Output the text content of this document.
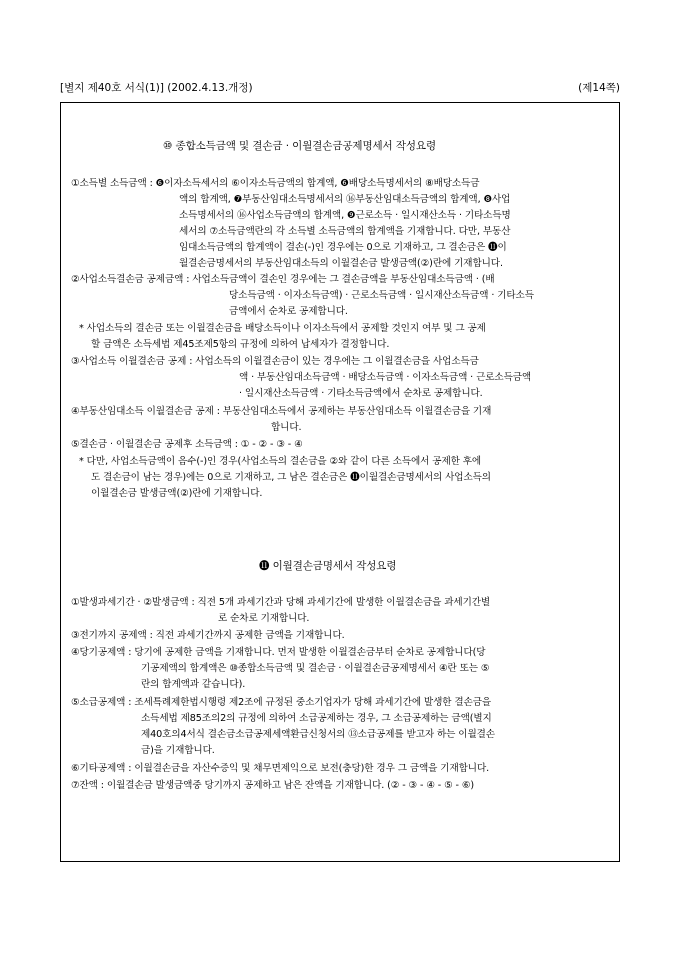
[별지 제40호 서식(1)] (2002.4.13.개정)	(제14쪽)
⑩ 종합소득금액 및 결손금 · 이월결손금공제명세서 작성요령
①소득별 소득금액 : ❻이자소득세서의 ⑥이자소득금액의 합계액, ❻배당소득명세서의 ⑧배당소득금
액의 합계액, ❼부동산임대소득명세서의 ⑯부동산임대소득금액의 합계액, ❽사업
소득명세서의 ⑯사업소득금액의 합계액, ❾근로소득 · 일시재산소득 · 기타소득명
세서의 ⑦소득금액란의 각 소득별 소득금액의 합계액을 기재합니다. 다만, 부동산
임대소득금액의 합계액이 결손(-)인 경우에는 0으로 기재하고, 그 결손금은 ⓫이
월결손금명세서의 부동산임대소득의 이월결손금 발생금액(②)란에 기재합니다.
②사업소득결손금 공제금액 : 사업소득금액이 결손인 경우에는 그 결손금액을 부동산임대소득금액 · (배
당소득금액 · 이자소득금액) · 근로소득금액 · 일시재산소득금액 · 기타소득
금액에서 순차로 공제합니다.
* 사업소득의 결손금 또는 이월결손금을 배당소득이나 이자소득에서 공제할 것인지 여부 및 그 공제
할 금액은 소득세법 제45조제5항의 규정에 의하여 납세자가 결정합니다.
③사업소득 이월결손금 공제 : 사업소득의 이월결손금이 있는 경우에는 그 이월결손금을 사업소득금
액 · 부동산임대소득금액 · 배당소득금액 · 이자소득금액 · 근로소득금액
· 일시재산소득금액 · 기타소득금액에서 순차로 공제합니다.
④부동산임대소득 이월결손금 공제 : 부동산임대소득에서 공제하는 부동산임대소득 이월결손금을 기재
합니다.
⑤결손금 · 이월결손금 공제후 소득금액 : ① - ② - ③ - ④
* 다만, 사업소득금액이 음수(-)인 경우(사업소득의 결손금을 ②와 같이 다른 소득에서 공제한 후에
도 결손금이 남는 경우)에는 0으로 기재하고, 그 남은 결손금은 ⓫이월결손금명세서의 사업소득의
이월결손금 발생금액(②)란에 기재합니다.
⓫ 이월결손금명세서 작성요령
①발생과세기간 · ②발생금액 : 직전 5개 과세기간과 당해 과세기간에 발생한 이월결손금을 과세기간별
로 순차로 기재합니다.
③전기까지 공제액 : 직전 과세기간까지 공제한 금액을 기재합니다.
④당기공제액 : 당기에 공제한 금액을 기재합니다. 먼저 발생한 이월결손금부터 순차로 공제합니다(당
기공제액의 합계액은 ⑩종합소득금액 및 결손금 · 이월결손금공제명세서 ④란 또는 ⑤
란의 합계액과 같습니다).
⑤소급공제액 : 조세특례제한법시행령 제2조에 규정된 중소기업자가 당해 과세기간에 발생한 결손금을
소득세법 제85조의2의 규정에 의하여 소급공제하는 경우, 그 소급공제하는 금액(별지
제40호의4서식 결손금소급공제세액환급신청서의 ⑬소급공제를 받고자 하는 이월결손
금)을 기재합니다.
⑥기타공제액 : 이월결손금을 자산수증익 및 채무면제익으로 보전(충당)한 경우 그 금액을 기재합니다.
⑦잔액 : 이월결손금 발생금액중 당기까지 공제하고 남은 잔액을 기재합니다. (② - ③ - ④ - ⑤ - ⑥)
